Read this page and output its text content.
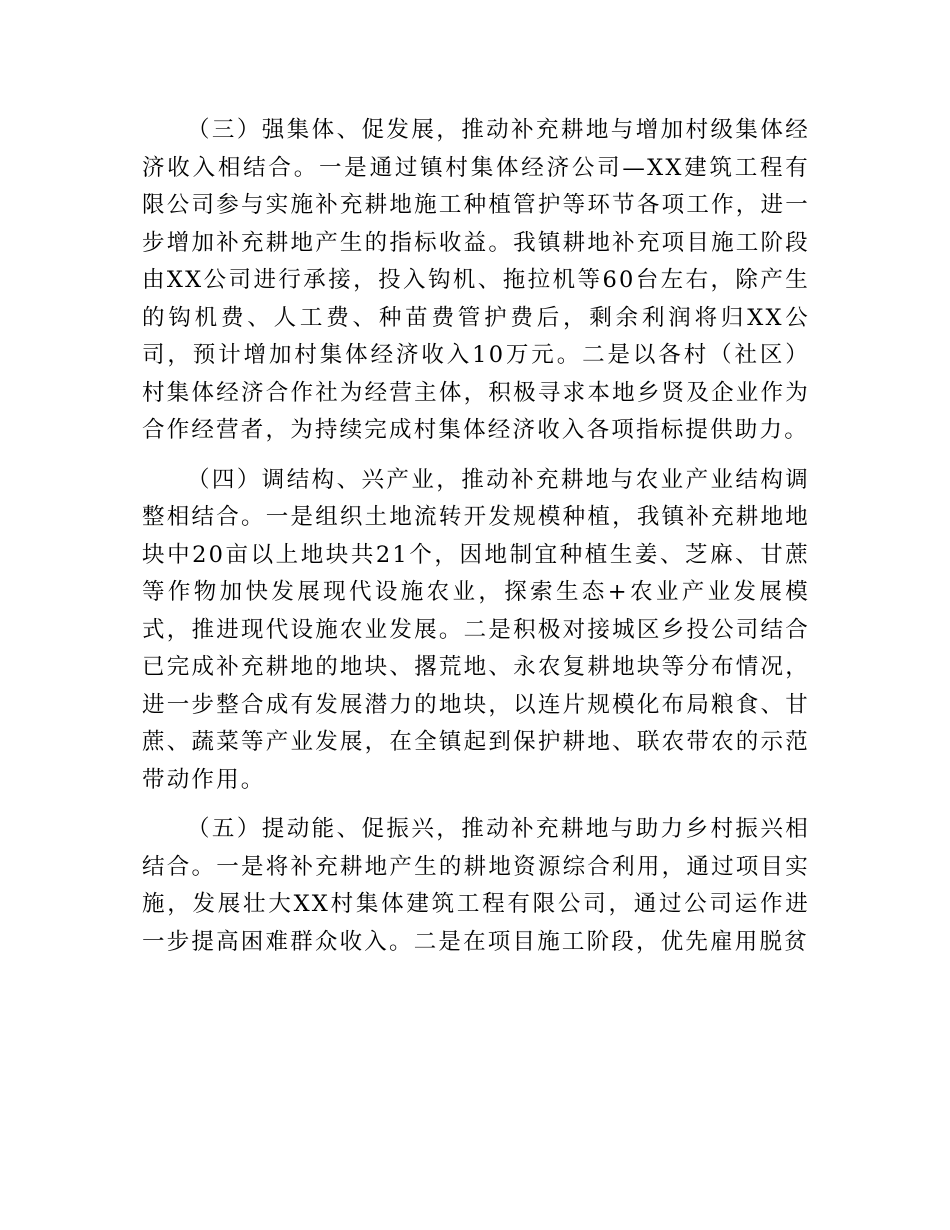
（三）强集体、促发展，推动补充耕地与增加村级集体经济收入相结合。一是通过镇村集体经济公司—XX建筑工程有限公司参与实施补充耕地施工种植管护等环节各项工作，进一步增加补充耕地产生的指标收益。我镇耕地补充项目施工阶段由XX公司进行承接，投入钩机、拖拉机等60台左右，除产生的钩机费、人工费、种苗费管护费后，剩余利润将归XX公司，预计增加村集体经济收入10万元。二是以各村（社区）村集体经济合作社为经营主体，积极寻求本地乡贤及企业作为合作经营者，为持续完成村集体经济收入各项指标提供助力。

（四）调结构、兴产业，推动补充耕地与农业产业结构调整相结合。一是组织土地流转开发规模种植，我镇补充耕地地块中20亩以上地块共21个，因地制宜种植生姜、芝麻、甘蔗等作物加快发展现代设施农业，探索生态+农业产业发展模式，推进现代设施农业发展。二是积极对接城区乡投公司结合已完成补充耕地的地块、撂荒地、永农复耕地块等分布情况，进一步整合成有发展潜力的地块，以连片规模化布局粮食、甘蔗、蔬菜等产业发展，在全镇起到保护耕地、联农带农的示范带动作用。

（五）提动能、促振兴，推动补充耕地与助力乡村振兴相结合。一是将补充耕地产生的耕地资源综合利用，通过项目实施，发展壮大XX村集体建筑工程有限公司，通过公司运作进一步提高困难群众收入。二是在项目施工阶段，优先雇用脱贫
